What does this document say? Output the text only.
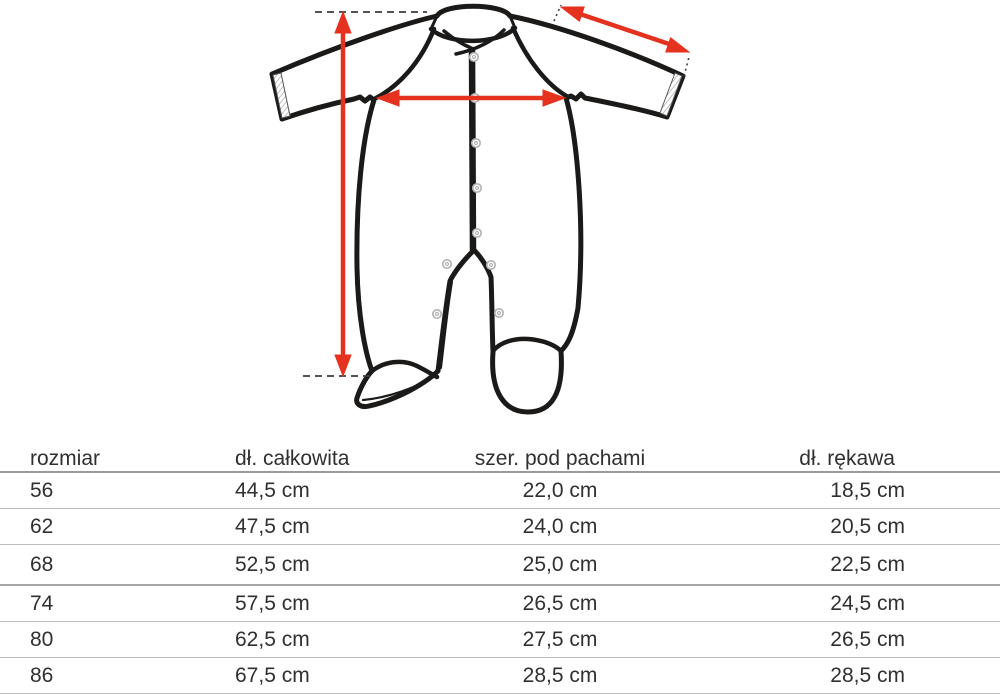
rozmiar	dł. całkowita	szer. pod pachami	dł. rękawa
56	44,5 cm	22,0 cm	18,5 cm
62	47,5 cm	24,0 cm	20,5 cm
68	52,5 cm	25,0 cm	22,5 cm
74	57,5 cm	26,5 cm	24,5 cm
80	62,5 cm	27,5 cm	26,5 cm
86	67,5 cm	28,5 cm	28,5 cm
